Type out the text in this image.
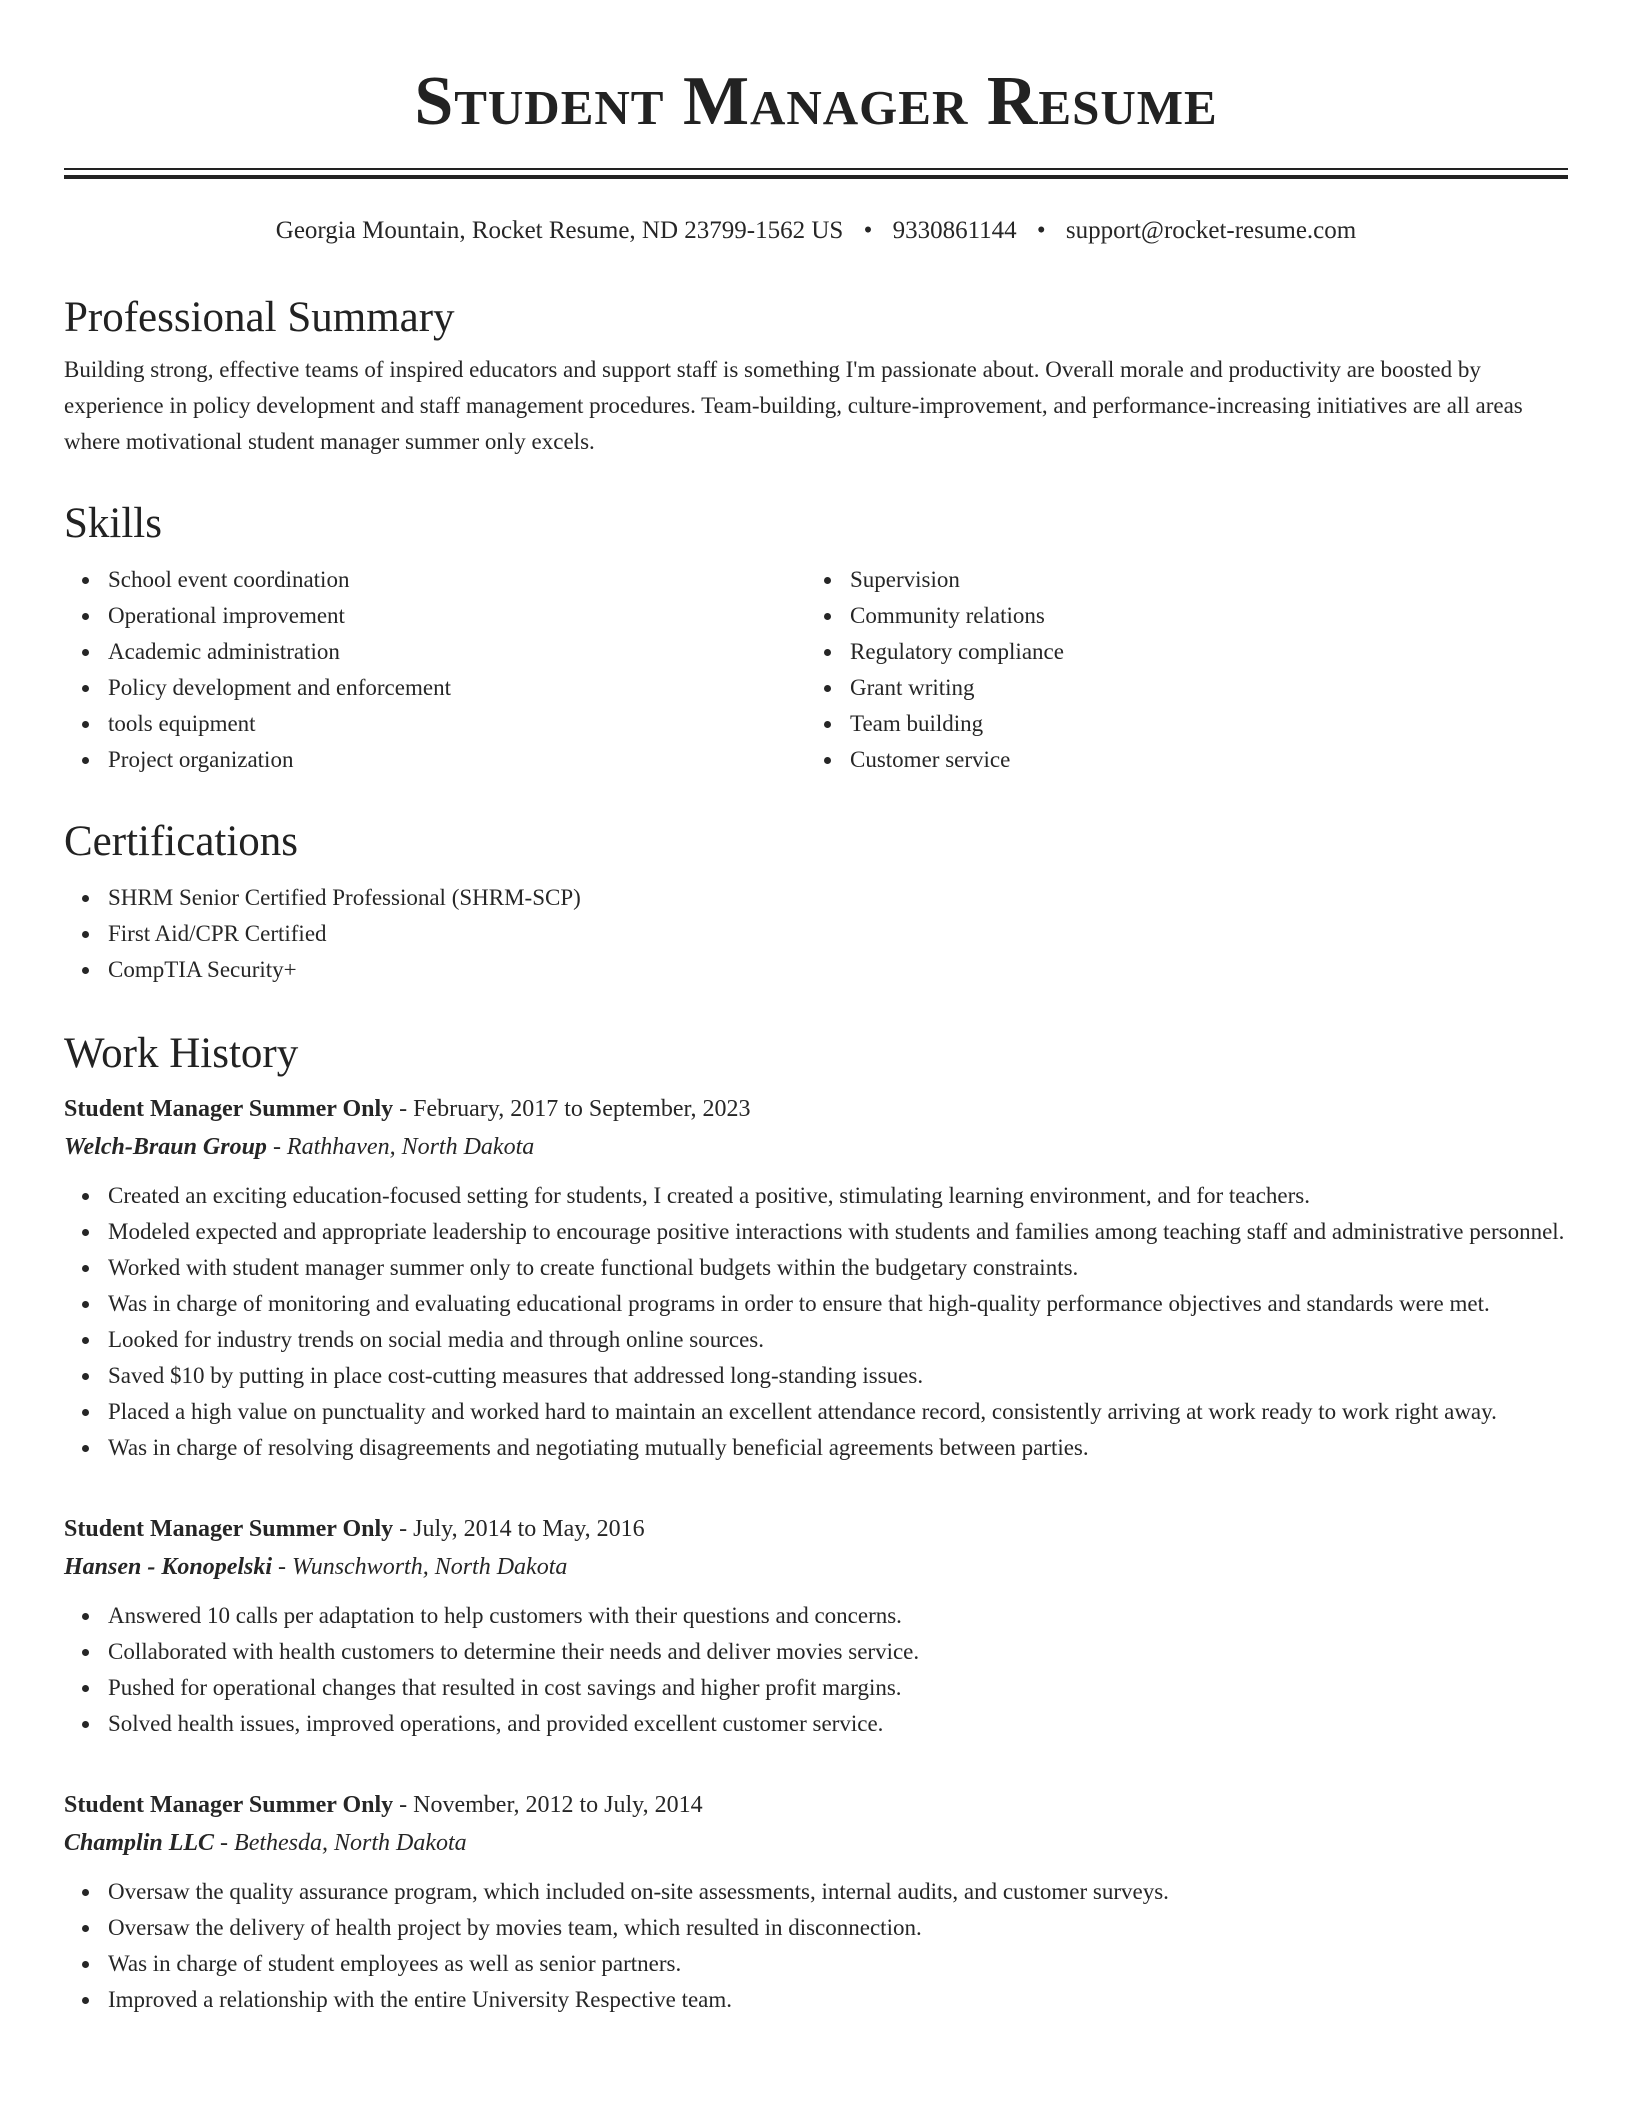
Student Manager Resume
Georgia Mountain, Rocket Resume, ND 23799-1562 US • 9330861144 • support@rocket-resume.com
Professional Summary

Building strong, effective teams of inspired educators and support staff is something I'm passionate about. Overall morale and productivity are boosted by experience in policy development and staff management procedures. Team-building, culture-improvement, and performance-increasing initiatives are all areas where motivational student manager summer only excels.

Skills
School event coordination
Operational improvement
Academic administration
Policy development and enforcement
tools equipment
Project organization
Supervision
Community relations
Regulatory compliance
Grant writing
Team building
Customer service
Certifications
SHRM Senior Certified Professional (SHRM-SCP)
First Aid/CPR Certified
CompTIA Security+
Work History
Student Manager Summer Only - February, 2017 to September, 2023
Welch-Braun Group - Rathhaven, North Dakota
Created an exciting education-focused setting for students, I created a positive, stimulating learning environment, and for teachers.
Modeled expected and appropriate leadership to encourage positive interactions with students and families among teaching staff and administrative personnel.
Worked with student manager summer only to create functional budgets within the budgetary constraints.
Was in charge of monitoring and evaluating educational programs in order to ensure that high-quality performance objectives and standards were met.
Looked for industry trends on social media and through online sources.
Saved $10 by putting in place cost-cutting measures that addressed long-standing issues.
Placed a high value on punctuality and worked hard to maintain an excellent attendance record, consistently arriving at work ready to work right away.
Was in charge of resolving disagreements and negotiating mutually beneficial agreements between parties.
Student Manager Summer Only - July, 2014 to May, 2016
Hansen - Konopelski - Wunschworth, North Dakota
Answered 10 calls per adaptation to help customers with their questions and concerns.
Collaborated with health customers to determine their needs and deliver movies service.
Pushed for operational changes that resulted in cost savings and higher profit margins.
Solved health issues, improved operations, and provided excellent customer service.
Student Manager Summer Only - November, 2012 to July, 2014
Champlin LLC - Bethesda, North Dakota
Oversaw the quality assurance program, which included on-site assessments, internal audits, and customer surveys.
Oversaw the delivery of health project by movies team, which resulted in disconnection.
Was in charge of student employees as well as senior partners.
Improved a relationship with the entire University Respective team.
